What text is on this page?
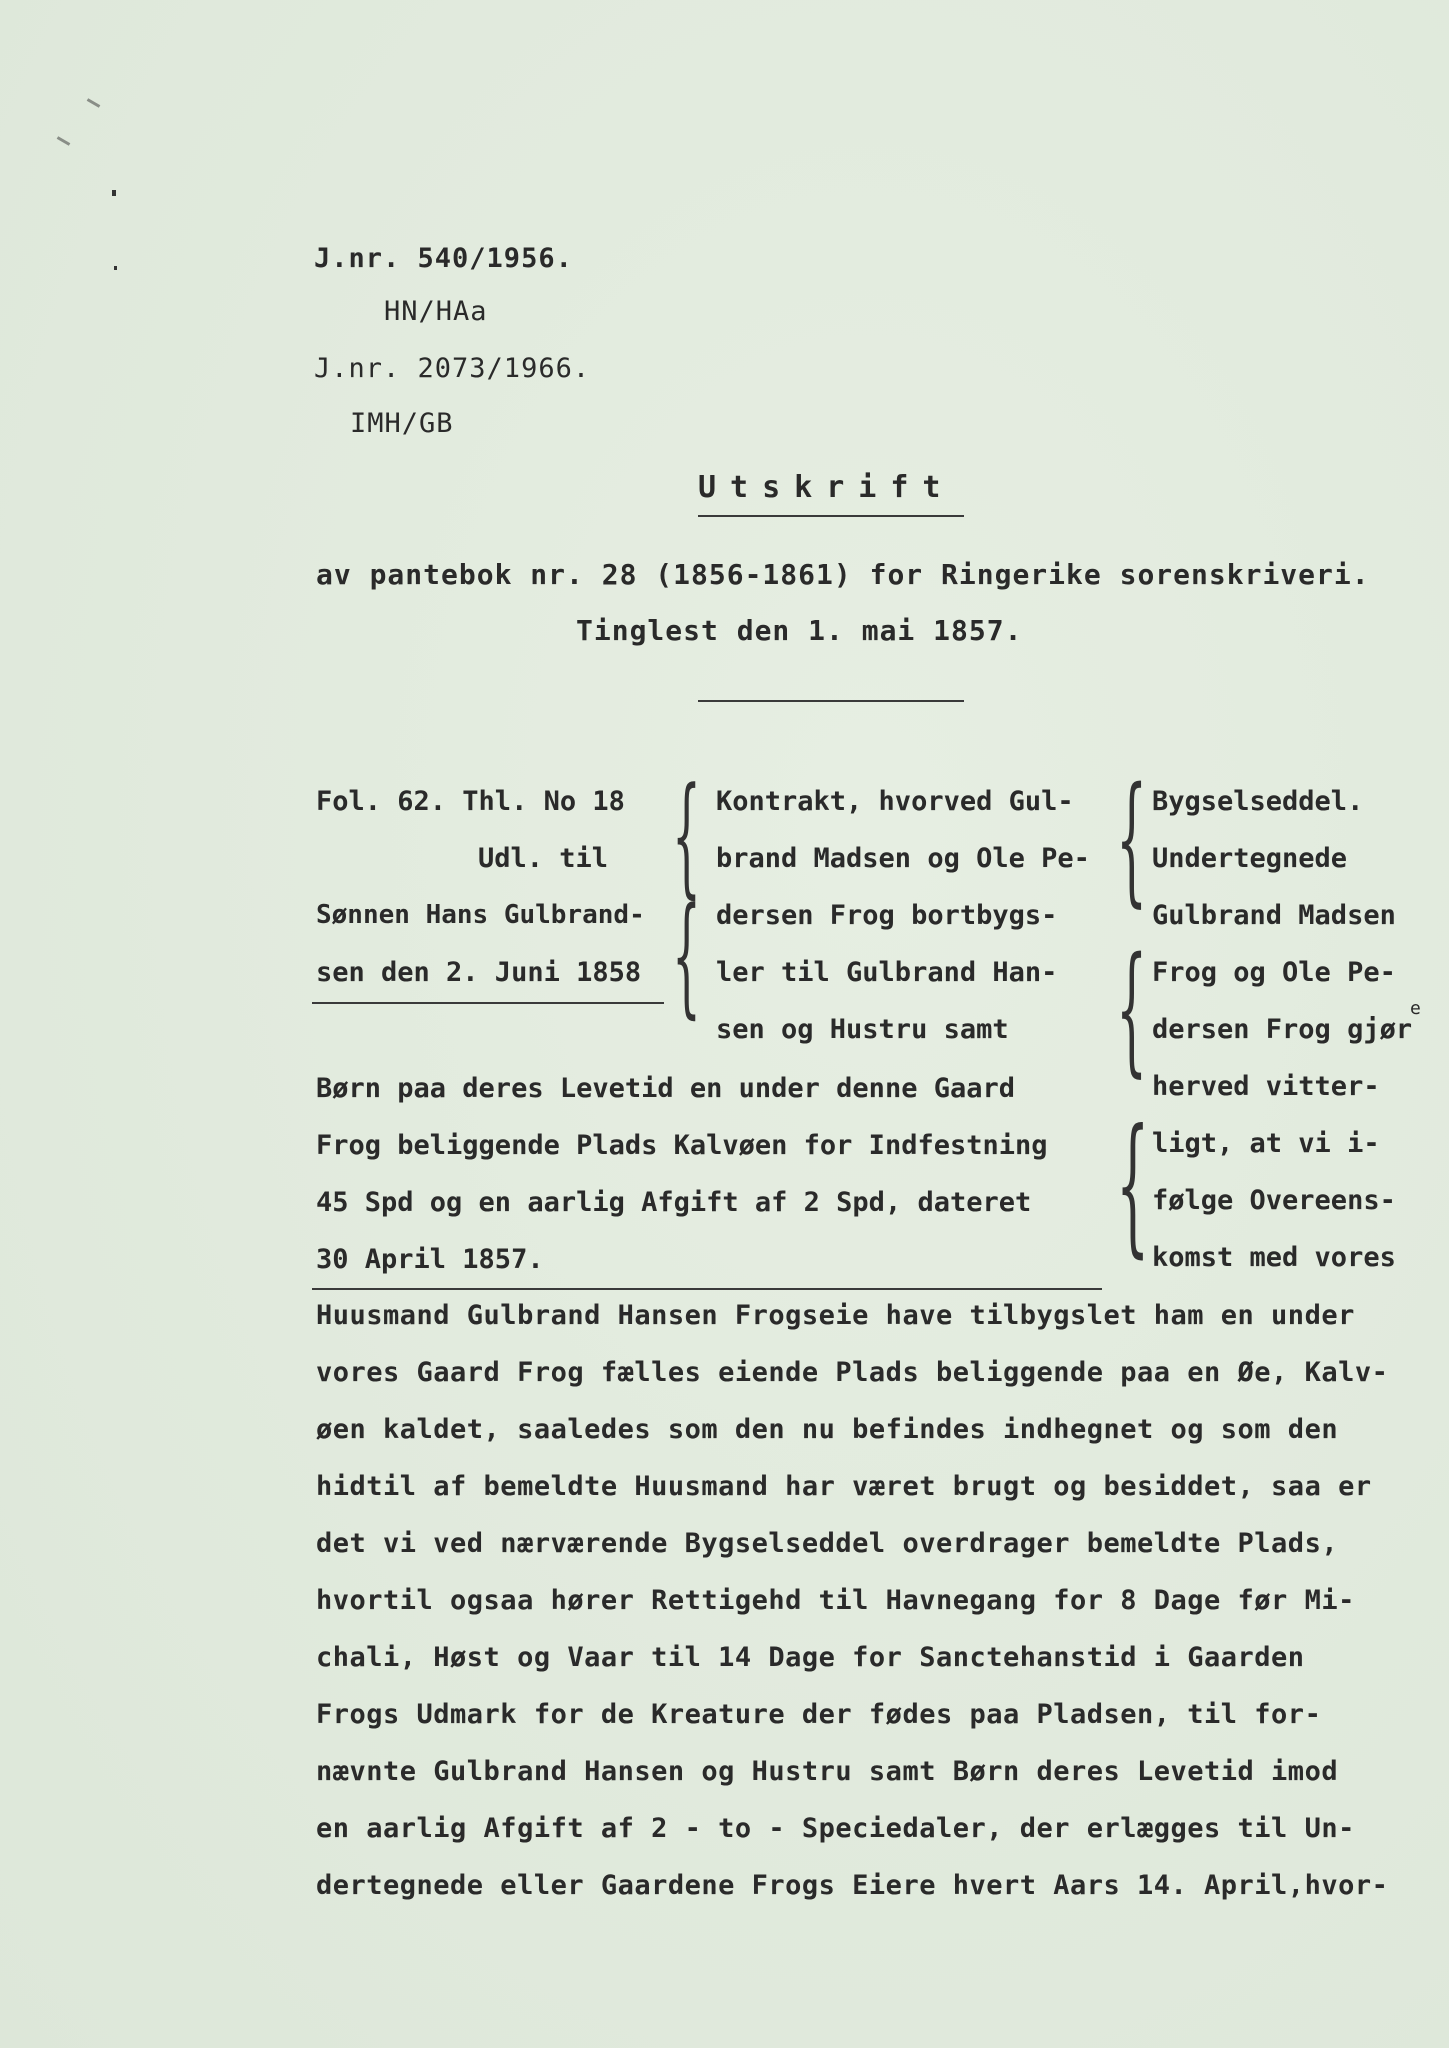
J.nr. 540/1956.
HN/HAa
J.nr. 2073/1966.
IMH/GB
Utskrift
av pantebok nr. 28 (1856-1861) for Ringerike sorenskriveri.
Tinglest den 1. mai 1857.
Fol. 62. Thl. No 18
Udl. til
Sønnen Hans Gulbrand-
sen den 2. Juni 1858
{
{
{
{
{
Kontrakt, hvorved Gul-
brand Madsen og Ole Pe-
dersen Frog bortbygs-
ler til Gulbrand Han-
sen og Hustru samt
Bygselseddel.
Undertegnede
Gulbrand Madsen
Frog og Ole Pe-
dersen Frog gjør
herved vitter-
ligt, at vi i-
følge Overeens-
komst med vores
e
Børn paa deres Levetid en under denne Gaard
Frog beliggende Plads Kalvøen for Indfestning
45 Spd og en aarlig Afgift af 2 Spd, dateret
30 April 1857.
Huusmand Gulbrand Hansen Frogseie have tilbygslet ham en under
vores Gaard Frog fælles eiende Plads beliggende paa en Øe, Kalv-
øen kaldet, saaledes som den nu befindes indhegnet og som den
hidtil af bemeldte Huusmand har været brugt og besiddet, saa er
det vi ved nærværende Bygselseddel overdrager bemeldte Plads,
hvortil ogsaa hører Rettigehd til Havnegang for 8 Dage før Mi-
chali, Høst og Vaar til 14 Dage for Sanctehanstid i Gaarden
Frogs Udmark for de Kreature der fødes paa Pladsen, til for-
nævnte Gulbrand Hansen og Hustru samt Børn deres Levetid imod
en aarlig Afgift af 2 - to - Speciedaler, der erlægges til Un-
dertegnede eller Gaardene Frogs Eiere hvert Aars 14. April,hvor-
